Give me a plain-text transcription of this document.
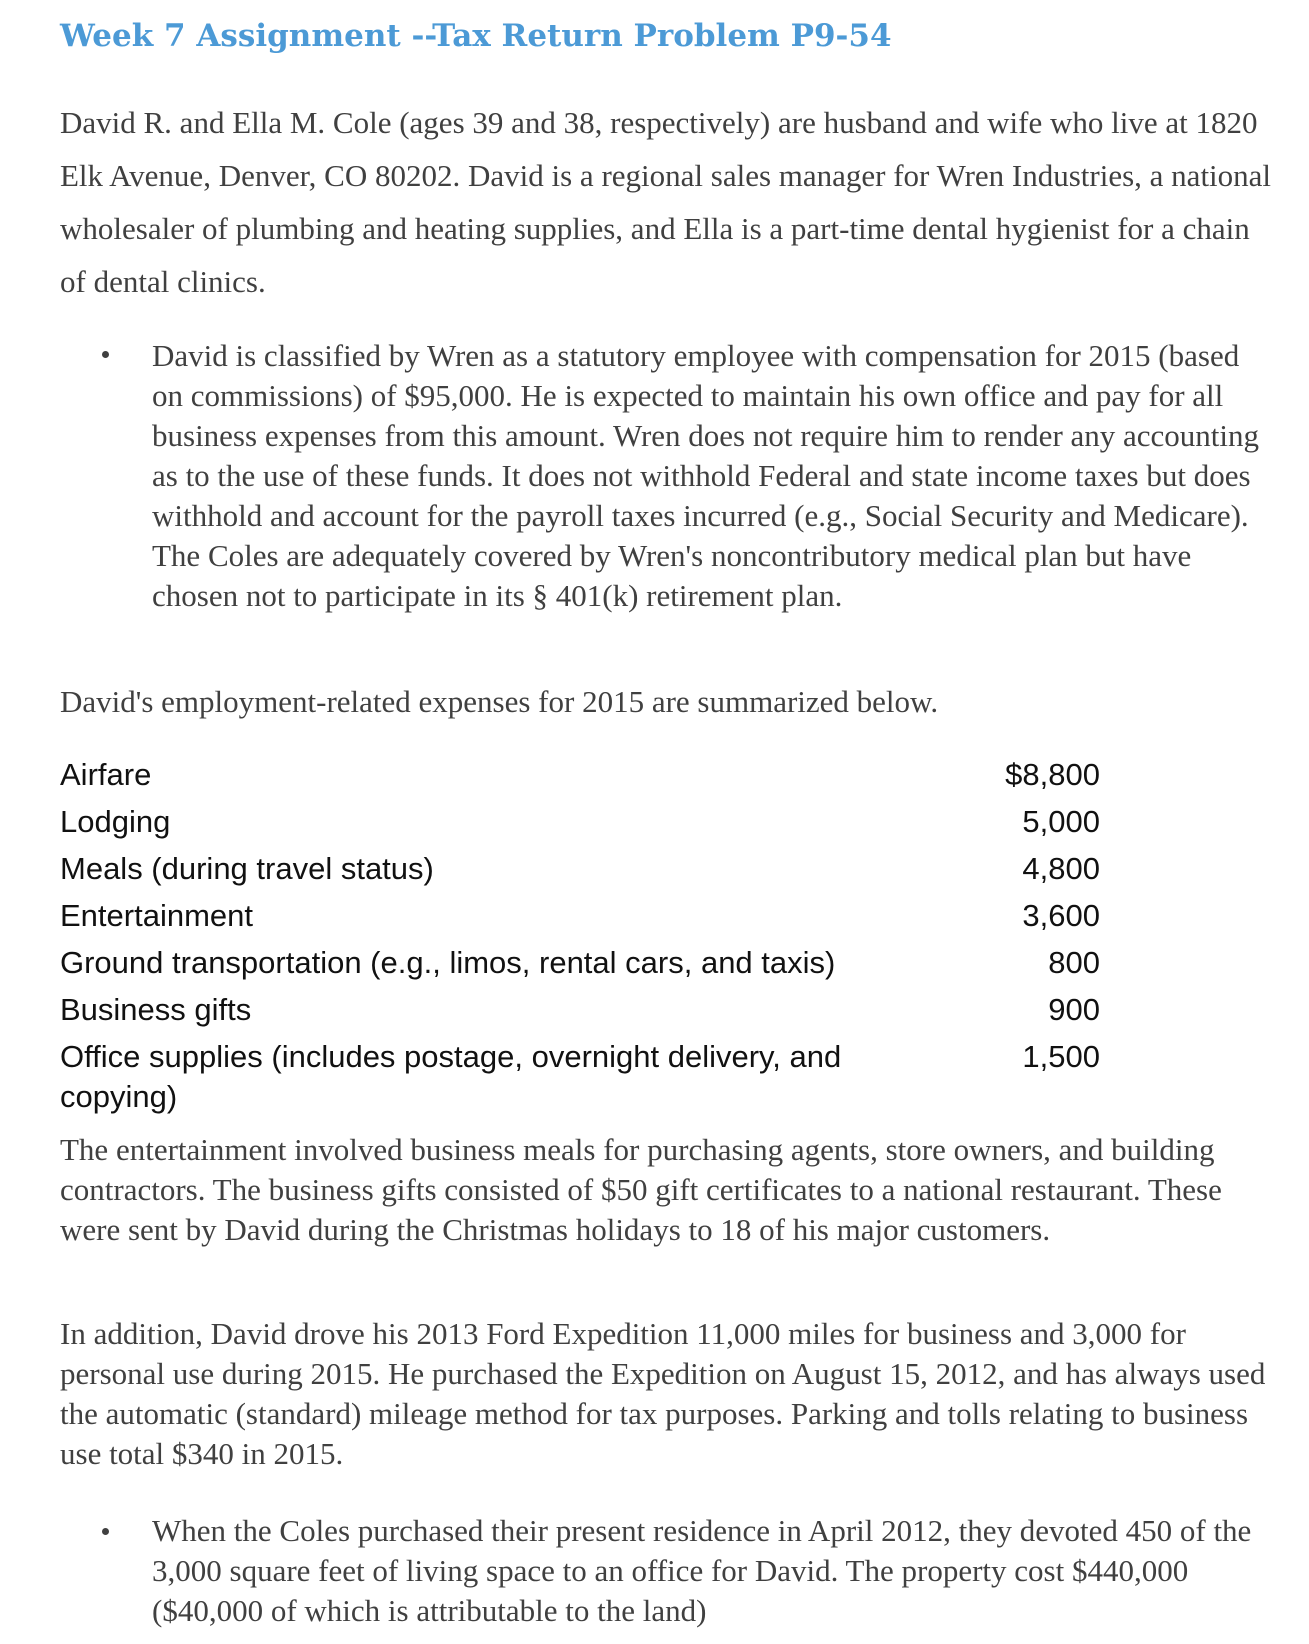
Week 7 Assignment --Tax Return Problem P9-54

David R. and Ella M. Cole (ages 39 and 38, respectively) are husband and wife who live at 1820 Elk Avenue, Denver, CO 80202. David is a regional sales manager for Wren Industries, a national wholesaler of plumbing and heating supplies, and Ella is a part-time dental hygienist for a chain of dental clinics.

David is classified by Wren as a statutory employee with compensation for 2015 (based on commissions) of $95,000. He is expected to maintain his own office and pay for all business expenses from this amount. Wren does not require him to render any accounting as to the use of these funds. It does not withhold Federal and state income taxes but does withhold and account for the payroll taxes incurred (e.g., Social Security and Medicare). The Coles are adequately covered by Wren's noncontributory medical plan but have chosen not to participate in its § 401(k) retirement plan.

David's employment-related expenses for 2015 are summarized below.

Airfare	$8,800
Lodging	5,000
Meals (during travel status)	4,800
Entertainment	3,600
Ground transportation (e.g., limos, rental cars, and taxis)	800
Business gifts	900
Office supplies (includes postage, overnight delivery, and copying)
1,500

The entertainment involved business meals for purchasing agents, store owners, and building contractors. The business gifts consisted of $50 gift certificates to a national restaurant. These were sent by David during the Christmas holidays to 18 of his major customers.

In addition, David drove his 2013 Ford Expedition 11,000 miles for business and 3,000 for personal use during 2015. He purchased the Expedition on August 15, 2012, and has always used the automatic (standard) mileage method for tax purposes. Parking and tolls relating to business use total $340 in 2015.

When the Coles purchased their present residence in April 2012, they devoted 450 of the 3,000 square feet of living space to an office for David. The property cost $440,000 ($40,000 of which is attributable to the land)
